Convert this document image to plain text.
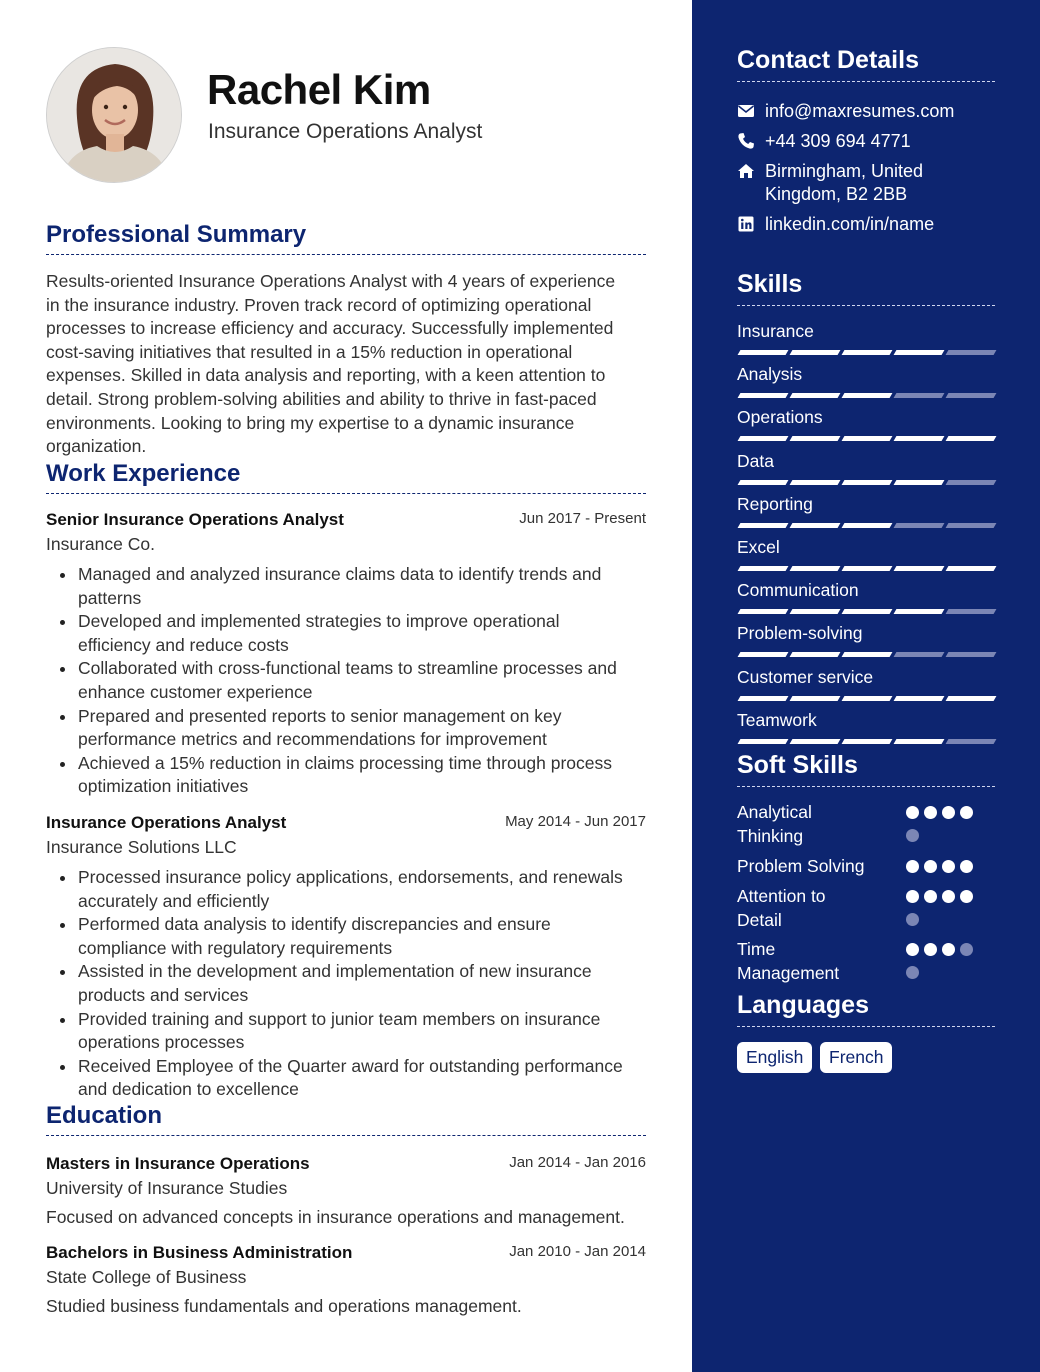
Rachel Kim
Insurance Operations Analyst
Professional Summary
Results-oriented Insurance Operations Analyst with 4 years of experience
in the insurance industry. Proven track record of optimizing operational
processes to increase efficiency and accuracy. Successfully implemented
cost-saving initiatives that resulted in a 15% reduction in operational
expenses. Skilled in data analysis and reporting, with a keen attention to
detail. Strong problem-solving abilities and ability to thrive in fast-paced
environments. Looking to bring my expertise to a dynamic insurance
organization.
Work Experience
Senior Insurance Operations Analyst	Jun 2017 - Present
Insurance Co.
Managed and analyzed insurance claims data to identify trends and
patterns
Developed and implemented strategies to improve operational
efficiency and reduce costs
Collaborated with cross-functional teams to streamline processes and
enhance customer experience
Prepared and presented reports to senior management on key
performance metrics and recommendations for improvement
Achieved a 15% reduction in claims processing time through process
optimization initiatives
Insurance Operations Analyst	May 2014 - Jun 2017
Insurance Solutions LLC
Processed insurance policy applications, endorsements, and renewals
accurately and efficiently
Performed data analysis to identify discrepancies and ensure
compliance with regulatory requirements
Assisted in the development and implementation of new insurance
products and services
Provided training and support to junior team members on insurance
operations processes
Received Employee of the Quarter award for outstanding performance
and dedication to excellence
Education
Masters in Insurance Operations	Jan 2014 - Jan 2016
University of Insurance Studies
Focused on advanced concepts in insurance operations and management.
Bachelors in Business Administration	Jan 2010 - Jan 2014
State College of Business
Studied business fundamentals and operations management.
Contact Details
info@maxresumes.com
+44 309 694 4771
Birmingham, United
Kingdom, B2 2BB
linkedin.com/in/name
Skills
Insurance
Analysis
Operations
Data
Reporting
Excel
Communication
Problem-solving
Customer service
Teamwork
Soft Skills
Analytical
Thinking
Problem Solving
Attention to
Detail
Time
Management
Languages
English	French
